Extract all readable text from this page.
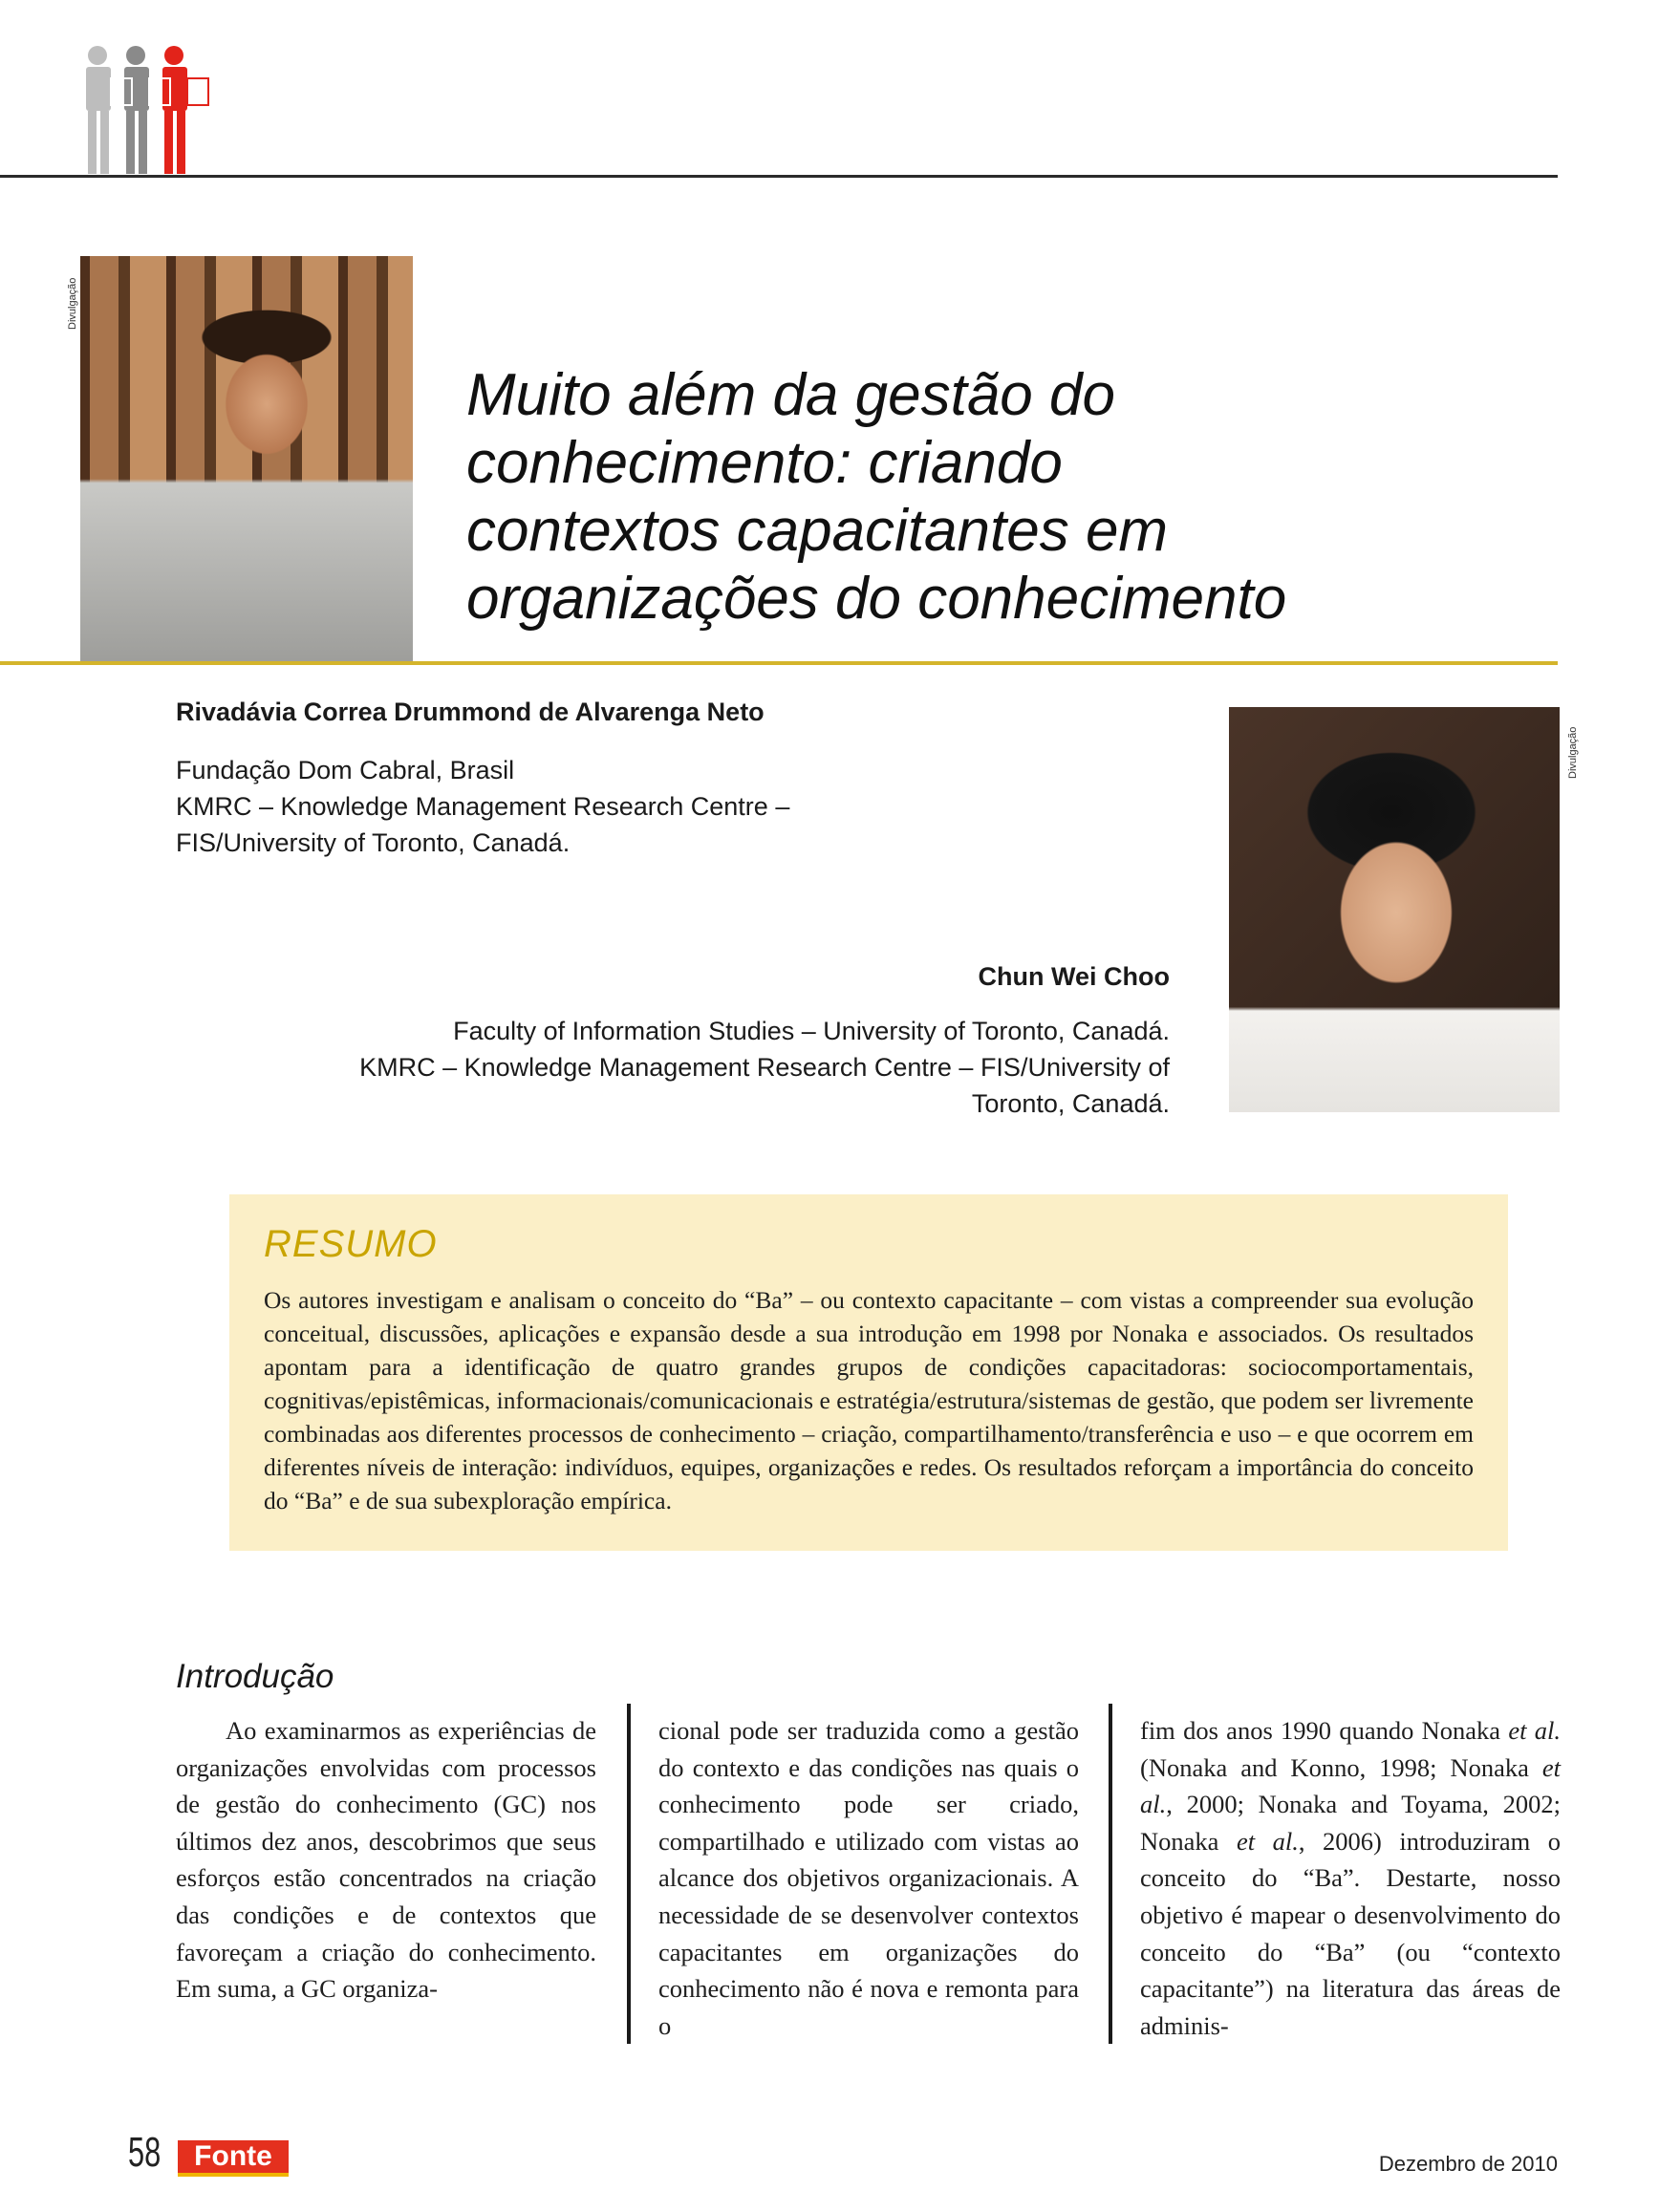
Divulgação
Muito além da gestão do
conhecimento: criando
contextos capacitantes em
organizações do conhecimento
Rivadávia Correa Drummond de Alvarenga Neto
Fundação Dom Cabral, Brasil
KMRC – Knowledge Management Research Centre –
FIS/University of Toronto, Canadá.
Divulgação
Chun Wei Choo
Faculty of Information Studies – University of Toronto, Canadá.
KMRC – Knowledge Management Research Centre – FIS/University of
Toronto, Canadá.
RESUMO
Os autores investigam e analisam o conceito do “Ba” – ou contexto capacitante – com vistas a compreender sua evolução conceitual, discussões, aplicações e expansão desde a sua introdução em 1998 por Nonaka e associados. Os resultados apontam para a identificação de quatro grandes grupos de condições capacitadoras: sociocomportamentais, cognitivas/epistêmicas, informacionais/comunicacionais e estratégia/estrutura/sistemas de gestão, que podem ser livremente combinadas aos diferentes processos de conhecimento – criação, compartilhamento/transferência e uso – e que ocorrem em diferentes níveis de interação: indivíduos, equipes, organizações e redes. Os resultados reforçam a importância do conceito do “Ba” e de sua subexploração empírica.
Introdução
Ao examinarmos as experiências de organizações envolvidas com processos de gestão do conhecimento (GC) nos últimos dez anos, descobrimos que seus esforços estão concentrados na criação das condições e de contextos que favoreçam a criação do conhecimento. Em suma, a GC organiza-
cional pode ser traduzida como a gestão do contexto e das condições nas quais o conhecimento pode ser criado, compartilhado e utilizado com vistas ao alcance dos objetivos organizacionais. A necessidade de se desenvolver contextos capacitantes em organizações do conhecimento não é nova e remonta para o
fim dos anos 1990 quando Nonaka et al. (Nonaka and Konno, 1998; Nonaka et al., 2000; Nonaka and Toyama, 2002; Nonaka et al., 2006) introduziram o conceito do “Ba”. Destarte, nosso objetivo é mapear o desenvolvimento do conceito do “Ba” (ou “contexto capacitante”) na literatura das áreas de adminis-
58	Fonte	Dezembro de 2010
